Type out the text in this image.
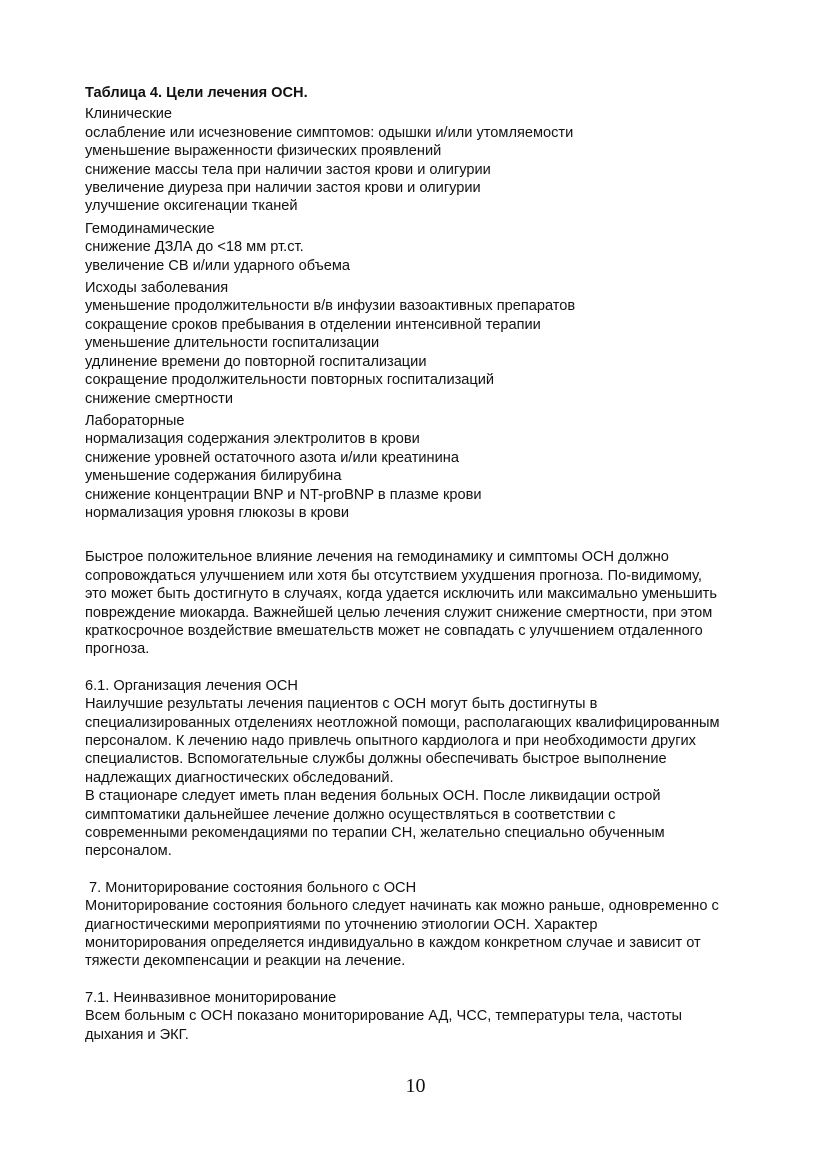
Таблица 4. Цели лечения ОСН.
Клинические
ослабление или исчезновение симптомов: одышки и/или утомляемости
уменьшение выраженности физических проявлений
снижение массы тела при наличии застоя крови и олигурии
увеличение диуреза при наличии застоя крови и олигурии
улучшение оксигенации тканей
Гемодинамические
снижение ДЗЛА до <18 мм рт.ст.
увеличение СВ и/или ударного объема
Исходы заболевания
уменьшение продолжительности в/в инфузии вазоактивных препаратов
сокращение сроков пребывания в отделении интенсивной терапии
уменьшение длительности госпитализации
удлинение времени до повторной госпитализации
сокращение продолжительности повторных госпитализаций
снижение смертности
Лабораторные
нормализация содержания электролитов в крови
снижение уровней остаточного азота и/или креатинина
уменьшение содержания билирубина
снижение концентрации BNP и NT-proBNP в плазме крови
нормализация уровня глюкозы в крови
Быстрое положительное влияние лечения на гемодинамику и симптомы ОСН должно
сопровождаться улучшением или хотя бы отсутствием ухудшения прогноза. По-видимому,
это может быть достигнуто в случаях, когда удается исключить или максимально уменьшить
повреждение миокарда. Важнейшей целью лечения служит снижение смертности, при этом
краткосрочное воздействие вмешательств может не совпадать с улучшением отдаленного
прогноза.
6.1. Организация лечения ОСН
Наилучшие результаты лечения пациентов с ОСН могут быть достигнуты в
специализированных отделениях неотложной помощи, располагающих квалифицированным
персоналом. К лечению надо привлечь опытного кардиолога и при необходимости других
специалистов. Вспомогательные службы должны обеспечивать быстрое выполнение
надлежащих диагностических обследований.
В стационаре следует иметь план ведения больных ОСН. После ликвидации острой
симптоматики дальнейшее лечение должно осуществляться в соответствии с
современными рекомендациями по терапии СН, желательно специально обученным
персоналом.
7. Мониторирование состояния больного с ОСН
Мониторирование состояния больного следует начинать как можно раньше, одновременно с
диагностическими мероприятиями по уточнению этиологии ОСН. Характер
мониторирования определяется индивидуально в каждом конкретном случае и зависит от
тяжести декомпенсации и реакции на лечение.
7.1. Неинвазивное мониторирование
Всем больным с ОСН показано мониторирование АД, ЧСС, температуры тела, частоты
дыхания и ЭКГ.
10
